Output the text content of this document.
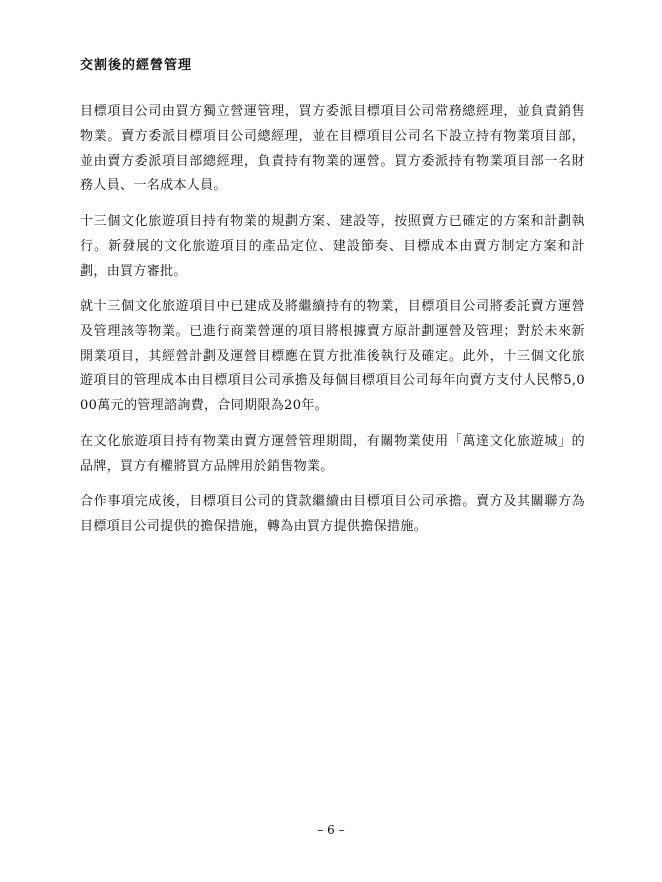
交割後的經營管理

目標項目公司由買方獨立營運管理，買方委派目標項目公司常務總經理，並負責銷售物業。賣方委派目標項目公司總經理，並在目標項目公司名下設立持有物業項目部，並由賣方委派項目部總經理，負責持有物業的運營。買方委派持有物業項目部一名財務人員、一名成本人員。

十三個文化旅遊項目持有物業的規劃方案、建設等，按照賣方已確定的方案和計劃執行。新發展的文化旅遊項目的產品定位、建設節奏、目標成本由賣方制定方案和計劃，由買方審批。

就十三個文化旅遊項目中已建成及將繼續持有的物業，目標項目公司將委託賣方運營及管理該等物業。已進行商業營運的項目將根據賣方原計劃運營及管理；對於未來新開業項目，其經營計劃及運營目標應在買方批准後執行及確定。此外，十三個文化旅遊項目的管理成本由目標項目公司承擔及每個目標項目公司每年向賣方支付人民幣5,000萬元的管理諮詢費，合同期限為20年。

在文化旅遊項目持有物業由賣方運營管理期間，有關物業使用「萬達文化旅遊城」的品牌，買方有權將買方品牌用於銷售物業。

合作事項完成後，目標項目公司的貸款繼續由目標項目公司承擔。賣方及其關聯方為目標項目公司提供的擔保措施，轉為由買方提供擔保措施。

– 6 –
